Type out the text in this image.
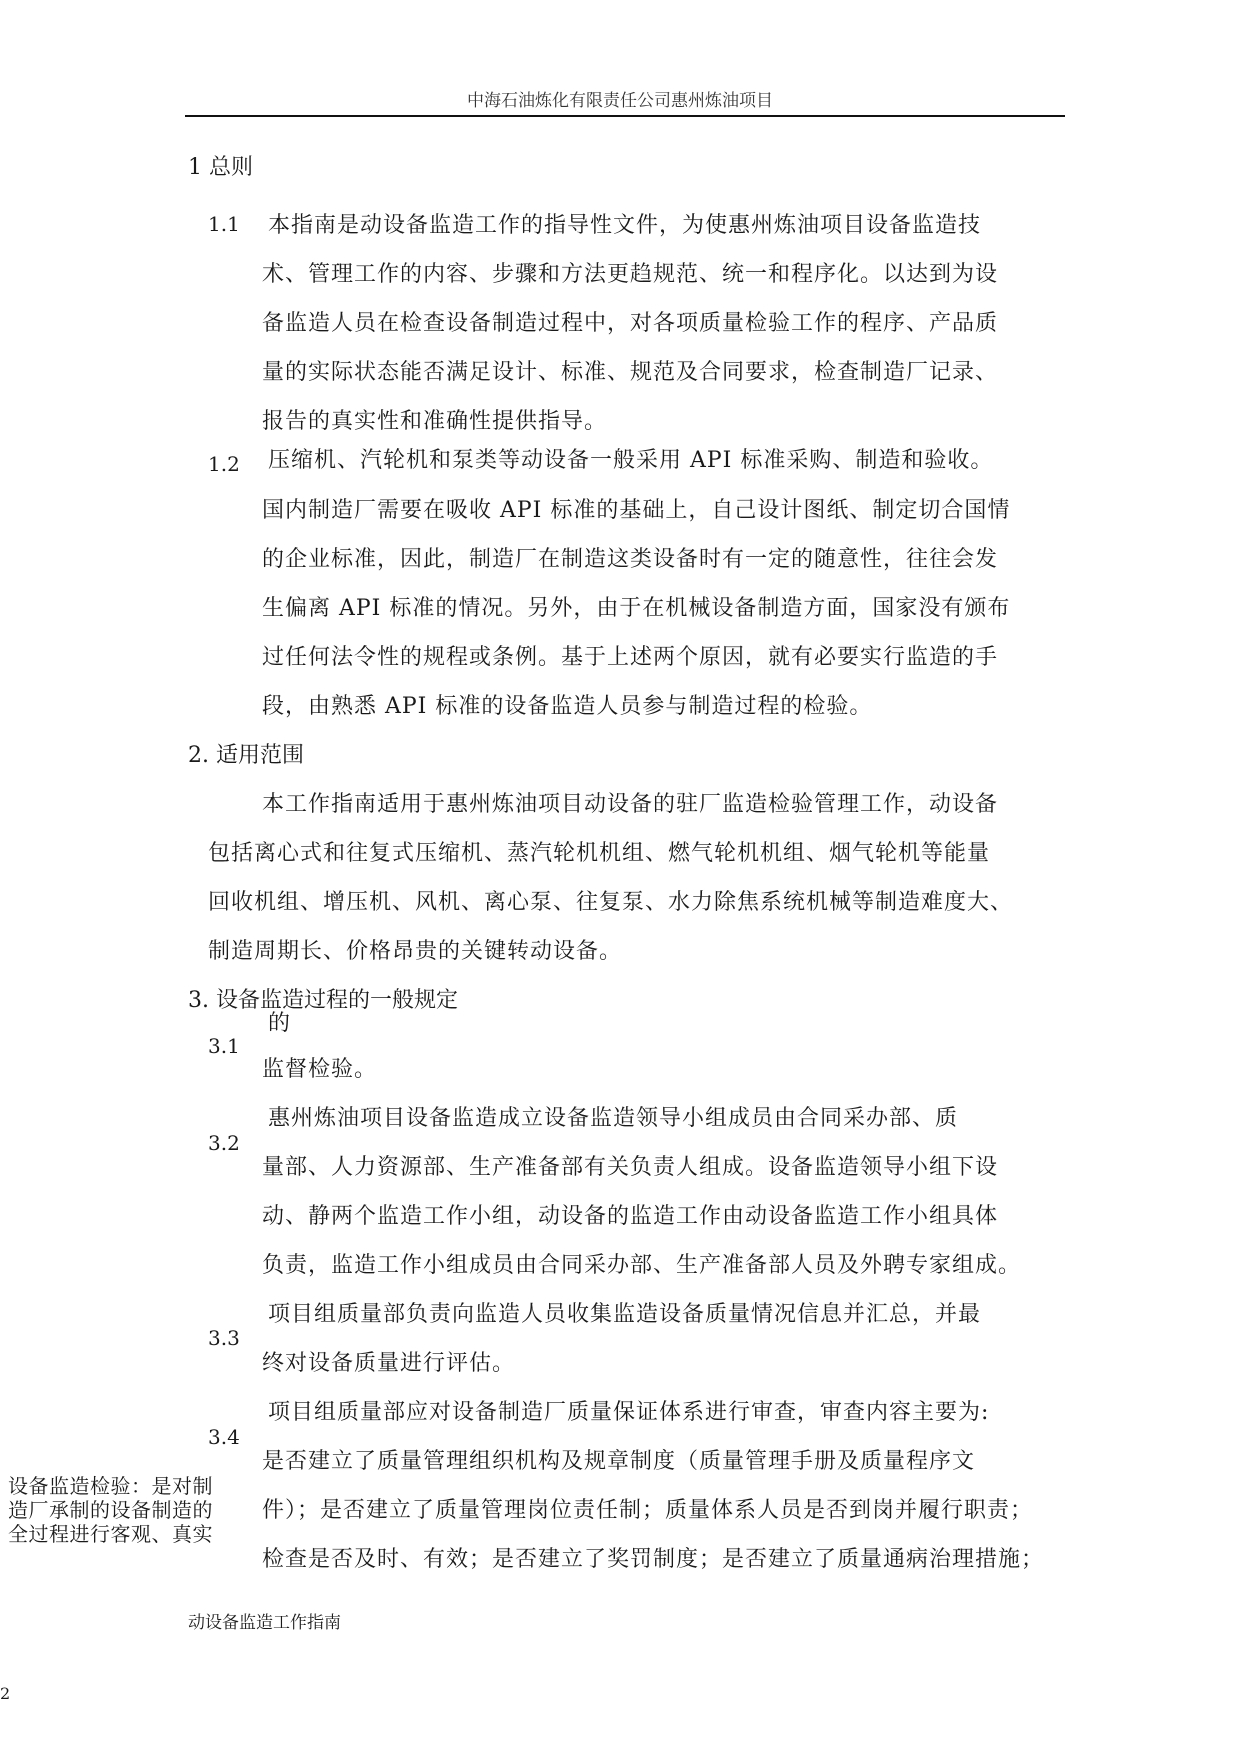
中海石油炼化有限责任公司惠州炼油项目
1 总则
1.1 本指南是动设备监造工作的指导性文件，为使惠州炼油项目设备监造技
术、管理工作的内容、步骤和方法更趋规范、统一和程序化。以达到为设
备监造人员在检查设备制造过程中，对各项质量检验工作的程序、产品质
量的实际状态能否满足设计、标准、规范及合同要求，检查制造厂记录、
报告的真实性和准确性提供指导。
1.2 压缩机、汽轮机和泵类等动设备一般采用 API 标准采购、制造和验收。
国内制造厂需要在吸收 API 标准的基础上，自己设计图纸、制定切合国情
的企业标准，因此，制造厂在制造这类设备时有一定的随意性，往往会发
生偏离 API 标准的情况。另外，由于在机械设备制造方面，国家没有颁布
过任何法令性的规程或条例。基于上述两个原因，就有必要实行监造的手
段，由熟悉 API 标准的设备监造人员参与制造过程的检验。
2. 适用范围
本工作指南适用于惠州炼油项目动设备的驻厂监造检验管理工作，动设备
包括离心式和往复式压缩机、蒸汽轮机机组、燃气轮机机组、烟气轮机等能量
回收机组、增压机、风机、离心泵、往复泵、水力除焦系统机械等制造难度大、
制造周期长、价格昂贵的关键转动设备。
3. 设备监造过程的一般规定
3.1
的
监督检验。
3.2
惠州炼油项目设备监造成立设备监造领导小组成员由合同采办部、质
量部、人力资源部、生产准备部有关负责人组成。设备监造领导小组下设
动、静两个监造工作小组，动设备的监造工作由动设备监造工作小组具体
负责，监造工作小组成员由合同采办部、生产准备部人员及外聘专家组成。
3.3
项目组质量部负责向监造人员收集监造设备质量情况信息并汇总，并最
终对设备质量进行评估。
3.4
项目组质量部应对设备制造厂质量保证体系进行审查，审查内容主要为:
是否建立了质量管理组织机构及规章制度（质量管理手册及质量程序文
件）；是否建立了质量管理岗位责任制；质量体系人员是否到岗并履行职责；
检查是否及时、有效；是否建立了奖罚制度；是否建立了质量通病治理措施；
设备监造检验：是对制
造厂承制的设备制造的
全过程进行客观、真实
动设备监造工作指南
2
